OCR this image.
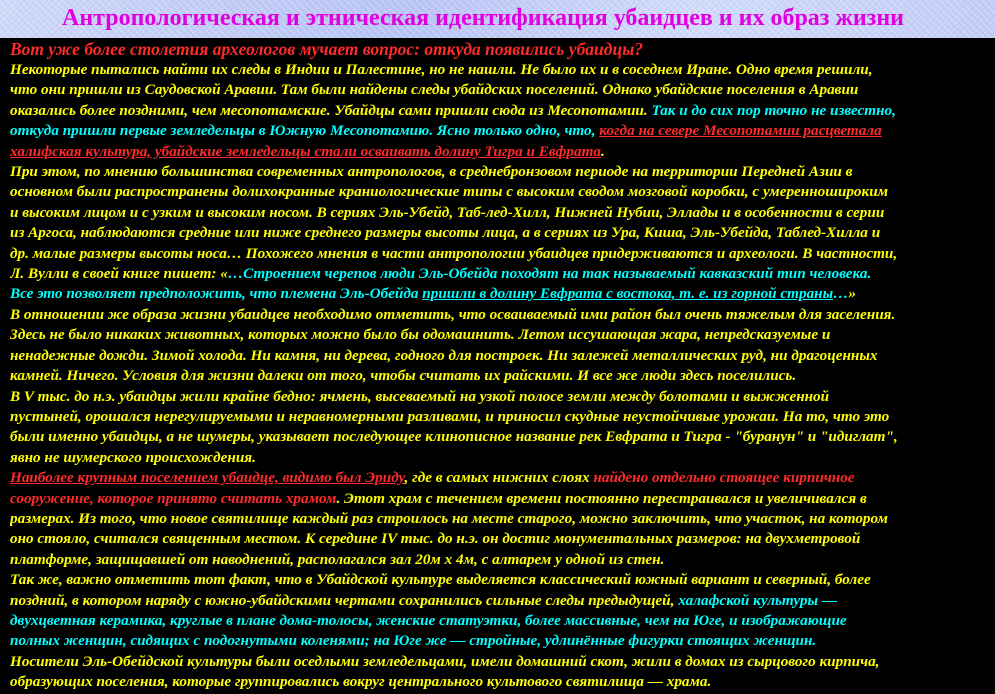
Антропологическая и этническая идентификация убаидцев и их образ жизни

Вот уже более столетия археологов мучает вопрос: откуда появились убаидцы?

Некоторые пытались найти их следы в Индии и Палестине, но не нашли. Не было их и в соседнем Иране. Одно время решили,
что они пришли из Саудовской Аравии. Там были найдены следы убайдских поселений. Однако убайдские поселения в Аравии
оказались более поздними, чем месопотамские. Убайдцы сами пришли сюда из Месопотамии. Так и до сих пор точно не известно,
откуда пришли первые земледельцы в Южную Месопотамию. Ясно только одно, что, когда на севере Месопотамии расцветала
халифская культура, убайдские земледельцы стали осваивать долину Тигра и Евфрата.

При этом, по мнению большинства современных антропологов, в среднебронзовом периоде на территории Передней Азии в
основном были распространены долихокранные краниологические типы с высоким сводом мозговой коробки, с умереннoшироким
и высоким лицом и с узким и высоким носом. В сериях Эль-Убейд, Таб-лед-Хилл, Нижней Нубии, Эллады и в особенности в серии
из Аргоса, наблюдаются средние или ниже среднего размеры высоты лица, а в сериях из Ура, Киша, Эль-Убейда, Таблед-Хилла и
др. малые размеры высоты носа… Похожего мнения в части антропологии убаидцев придерживаются и археологи. В частности,
Л. Вулли в своей книге пишет: «…Строением черепов люди Эль-Обейда походят на так называемый кавказский тип человека.
Все это позволяет предположить, что племена Эль-Обейда пришли в долину Евфрата с востока, т. е. из горной страны…»

В отношении же образа жизни убаидцев необходимо отметить, что осваиваемый ими район был очень тяжелым для заселения.
Здесь не было никаких животных, которых можно было бы одомашнить. Летом иссушающая жара, непредсказуемые и
ненадежные дожди. Зимой холода. Ни камня, ни дерева, годного для построек. Ни залежей металлических руд, ни драгоценных
камней. Ничего. Условия для жизни далеки от того, чтобы считать их райскими. И все же люди здесь поселились.

В V тыс. до н.э. убаидцы жили крайне бедно: ячмень, высеваемый на узкой полосе земли между болотами и выжженной
пустыней, орошался нерегулируемыми и неравномерными разливами, и приносил скудные неустойчивые урожаи. На то, что это
были именно убаидцы, а не шумеры, указывает последующее клинописное название рек Евфрата и Тигра - "буранун" и "идиглат",
явно не шумерского происхождения.

Наиболее крупным поселением убаидце, видимо был Эриду, где в самых нижних слоях найдено отдельно стоящее кирпичное
сооружение, которое принято считать храмом. Этот храм с течением времени постоянно перестраивался и увеличивался в
размерах. Из того, что новое святилище каждый раз строилось на месте старого, можно заключить, что участок, на котором
оно стояло, считался священным местом. К середине IV тыс. до н.э. он достиг монументальных размеров: на двухметровой
платформе, защищавшей от наводнений, располагался зал 20м х 4м, с алтарем у одной из стен.

Так же, важно отметить тот факт, что в Убайдской культуре выделяется классический южный вариант и северный, более
поздний, в котором наряду с южно-убайдскими чертами сохранились сильные следы предыдущей, халафской культуры —
двухцветная керамика, круглые в плане дома-толосы, женские статуэтки, более массивные, чем на Юге, и изображающие
полных женщин, сидящих с подогнутыми коленями; на Юге же — стройные, удлинённые фигурки стоящих женщин.

Носители Эль-Обейдской культуры были оседлыми земледельцами, имели домашний скот, жили в домах из сырцового кирпича,
образующих поселения, которые группировались вокруг центрального культового святилища — храма.
